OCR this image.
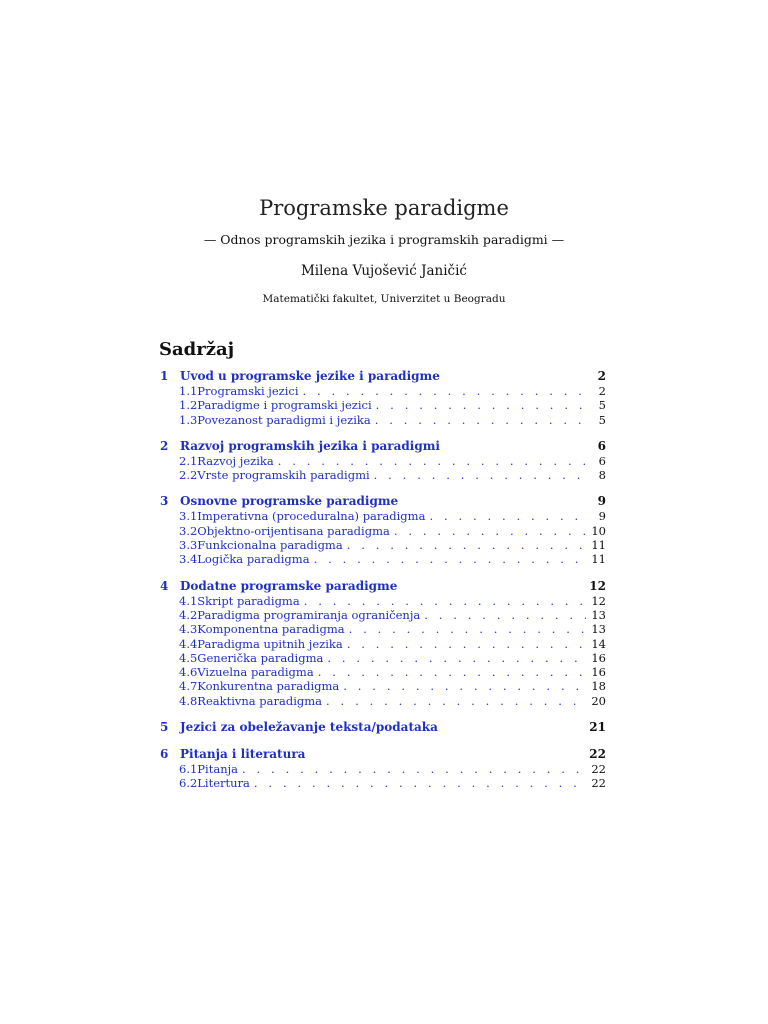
Programske paradigme
— Odnos programskih jezika i programskih paradigmi —
Milena Vujošević Janičić
Matematički fakultet, Univerzitet u Beogradu
Sadržaj
1 Uvod u programske jezike i paradigme	2
1.1 Programski jezici . . .	2
1.2 Paradigme i programski jezici . . .	5
1.3 Povezanost paradigmi i jezika . . .	5
2 Razvoj programskih jezika i paradigmi	6
2.1 Razvoj jezika . . .	6
2.2 Vrste programskih paradigmi . . .	8
3 Osnovne programske paradigme	9
3.1 Imperativna (proceduralna) paradigma . . .	9
3.2 Objektno-orijentisana paradigma . . .	10
3.3 Funkcionalna paradigma . . .	11
3.4 Logička paradigma . . .	11
4 Dodatne programske paradigme	12
4.1 Skript paradigma . . .	12
4.2 Paradigma programiranja ograničenja . . .	13
4.3 Komponentna paradigma . . .	13
4.4 Paradigma upitnih jezika . . .	14
4.5 Generička paradigma . . .	16
4.6 Vizuelna paradigma . . .	16
4.7 Konkurentna paradigma . . .	18
4.8 Reaktivna paradigma . . .	20
5 Jezici za obeležavanje teksta/podataka	21
6 Pitanja i literatura	22
6.1 Pitanja . . .	22
6.2 Litertura . . .	22
